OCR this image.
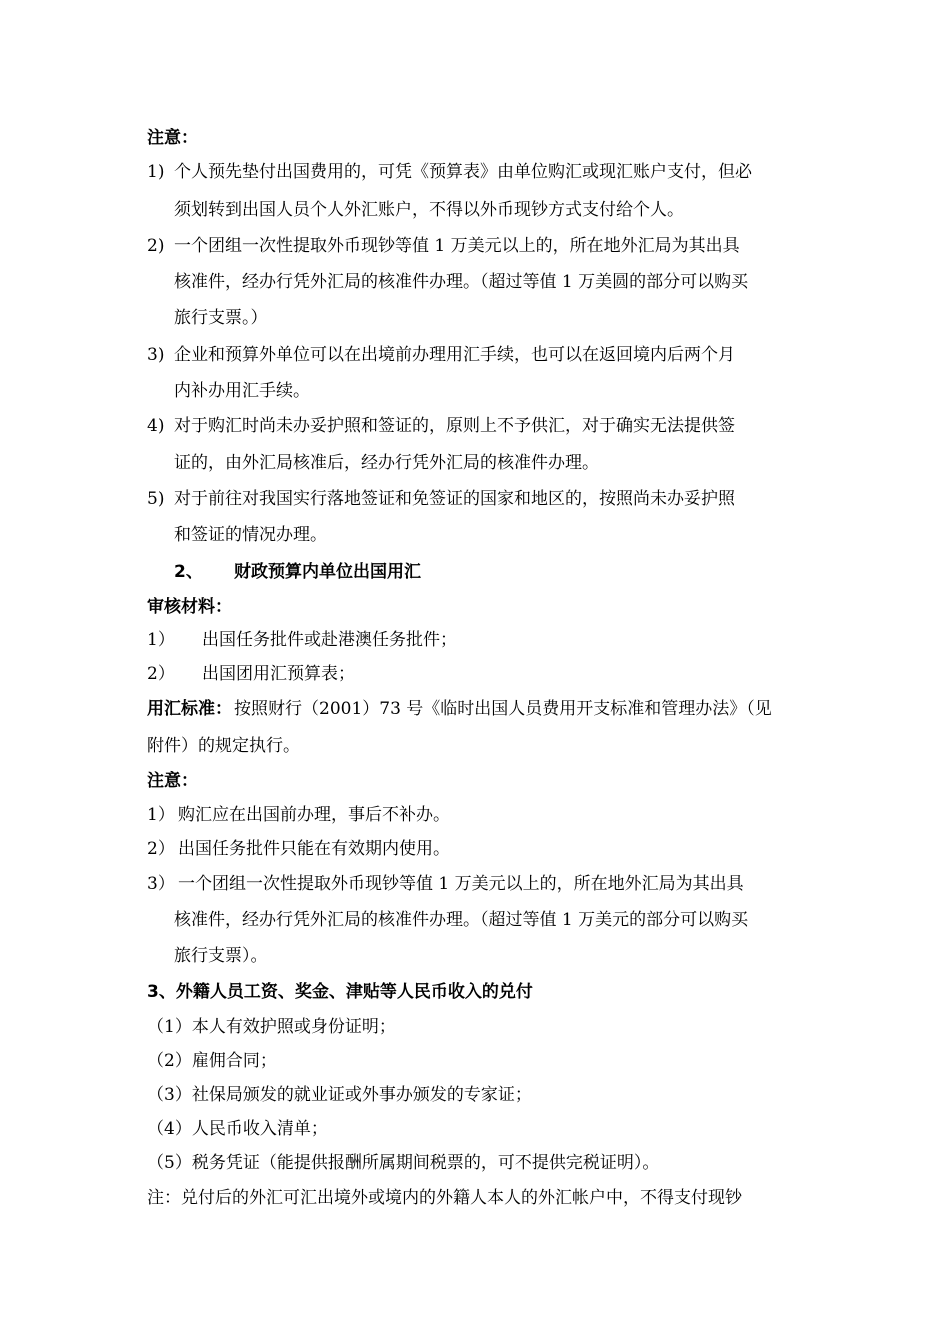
注意：
1) 个人预先垫付出国费用的，可凭《预算表》由单位购汇或现汇账户支付，但必
须划转到出国人员个人外汇账户，不得以外币现钞方式支付给个人。
2) 一个团组一次性提取外币现钞等值 1 万美元以上的，所在地外汇局为其出具
核准件，经办行凭外汇局的核准件办理。（超过等值 1 万美圆的部分可以购买
旅行支票。）
3) 企业和预算外单位可以在出境前办理用汇手续，也可以在返回境内后两个月
内补办用汇手续。
4) 对于购汇时尚未办妥护照和签证的，原则上不予供汇，对于确实无法提供签
证的，由外汇局核准后，经办行凭外汇局的核准件办理。
5) 对于前往对我国实行落地签证和免签证的国家和地区的，按照尚未办妥护照
和签证的情况办理。
2、 财政预算内单位出国用汇
审核材料：
1） 出国任务批件或赴港澳任务批件；
2） 出国团用汇预算表；
用汇标准： 按照财行（2001）73 号《临时出国人员费用开支标准和管理办法》（见
附件）的规定执行。
注意：
1） 购汇应在出国前办理，事后不补办。
2） 出国任务批件只能在有效期内使用。
3） 一个团组一次性提取外币现钞等值 1 万美元以上的，所在地外汇局为其出具
核准件，经办行凭外汇局的核准件办理。（超过等值 1 万美元的部分可以购买
旅行支票）。
3、外籍人员工资、奖金、津贴等人民币收入的兑付
（1）本人有效护照或身份证明；
（2）雇佣合同；
（3）社保局颁发的就业证或外事办颁发的专家证；
（4）人民币收入清单；
（5）税务凭证（能提供报酬所属期间税票的，可不提供完税证明）。
注：兑付后的外汇可汇出境外或境内的外籍人本人的外汇帐户中，不得支付现钞
